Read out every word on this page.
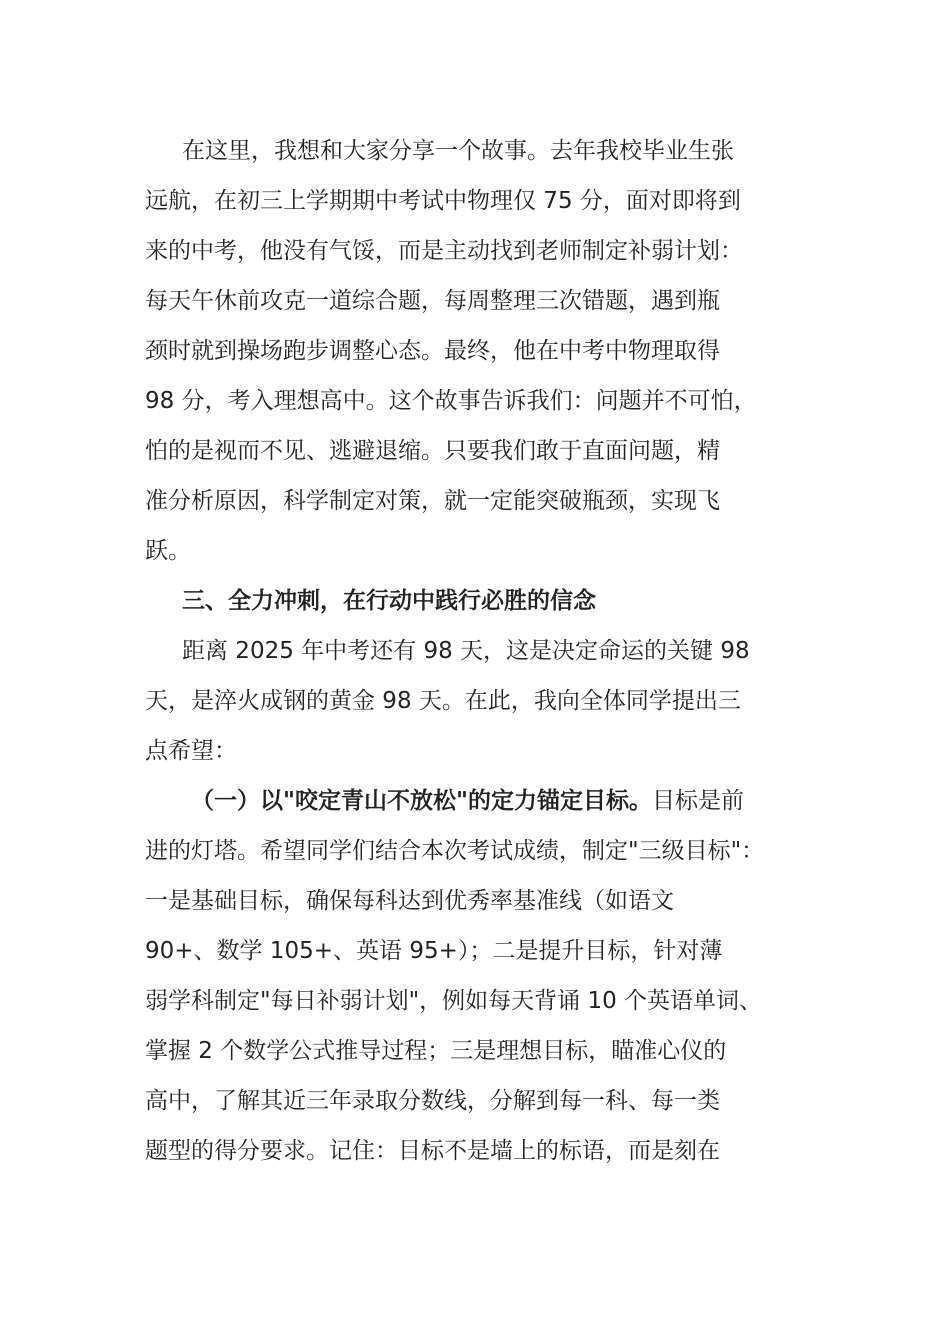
在这里，我想和大家分享一个故事。去年我校毕业生张
远航，在初三上学期期中考试中物理仅 75 分，面对即将到
来的中考，他没有气馁，而是主动找到老师制定补弱计划：
每天午休前攻克一道综合题，每周整理三次错题，遇到瓶
颈时就到操场跑步调整心态。最终，他在中考中物理取得
98 分，考入理想高中。这个故事告诉我们：问题并不可怕，
怕的是视而不见、逃避退缩。只要我们敢于直面问题，精
准分析原因，科学制定对策，就一定能突破瓶颈，实现飞
跃。
三、全力冲刺，在行动中践行必胜的信念
距离 2025 年中考还有 98 天，这是决定命运的关键 98
天，是淬火成钢的黄金 98 天。在此，我向全体同学提出三
点希望：
（一）以"咬定青山不放松"的定力锚定目标。目标是前
进的灯塔。希望同学们结合本次考试成绩，制定"三级目标"：
一是基础目标，确保每科达到优秀率基准线（如语文
90+、数学 105+、英语 95+）；二是提升目标，针对薄
弱学科制定"每日补弱计划"，例如每天背诵 10 个英语单词、
掌握 2 个数学公式推导过程；三是理想目标，瞄准心仪的
高中，了解其近三年录取分数线，分解到每一科、每一类
题型的得分要求。记住：目标不是墙上的标语，而是刻在
